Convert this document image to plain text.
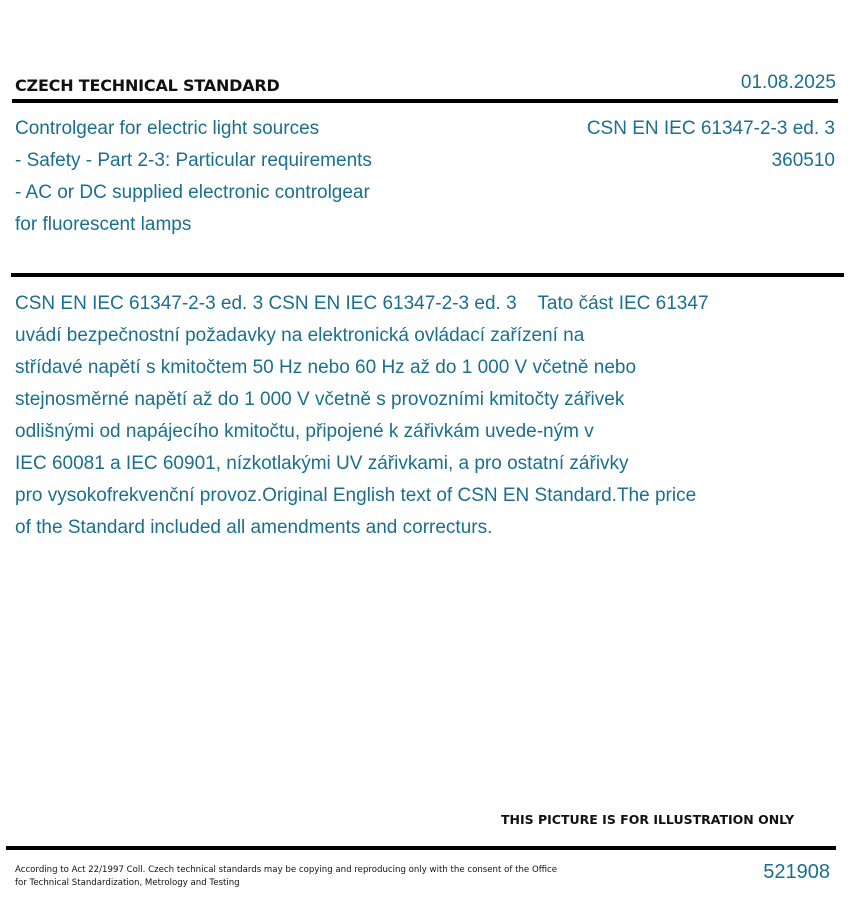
CZECH TECHNICAL STANDARD	01.08.2025
Controlgear for electric light sources
- Safety - Part 2-3: Particular requirements
- AC or DC supplied electronic controlgear
for fluorescent lamps
CSN EN IEC 61347-2-3 ed. 3
360510
CSN EN IEC 61347-2-3 ed. 3 CSN EN IEC 61347-2-3 ed. 3    Tato část IEC 61347
uvádí bezpečnostní požadavky na elektronická ovládací zařízení na
střídavé napětí s kmitočtem 50 Hz nebo 60 Hz až do 1 000 V včetně nebo
stejnosměrné napětí až do 1 000 V včetně s provozními kmitočty zářivek
odlišnými od napájecího kmitočtu, připojené k zářivkám uvede-ným v
IEC 60081 a IEC 60901, nízkotlakými UV zářivkami, a pro ostatní zářivky
pro vysokofrekvenční provoz.Original English text of CSN EN Standard.The price
of the Standard included all amendments and correcturs.
THIS PICTURE IS FOR ILLUSTRATION ONLY
According to Act 22/1997 Coll. Czech technical standards may be copying and reproducing only with the consent of the Office
for Technical Standardization, Metrology and Testing	521908
